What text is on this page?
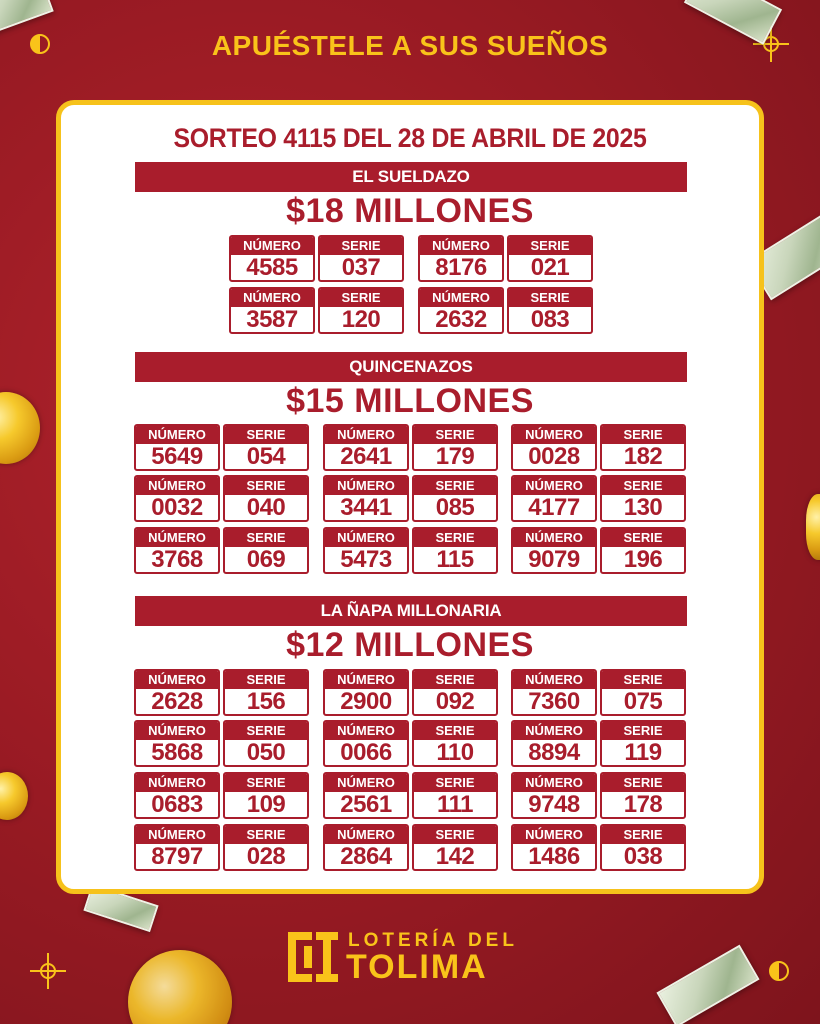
APUÉSTELE A SUS SUEÑOS
SORTEO 4115 DEL 28 DE ABRIL DE 2025
EL SUELDAZO
$18 MILLONES
NÚMERO
4585
SERIE
037
NÚMERO
8176
SERIE
021
NÚMERO
3587
SERIE
120
NÚMERO
2632
SERIE
083
QUINCENAZOS
$15 MILLONES
NÚMERO
5649
SERIE
054
NÚMERO
2641
SERIE
179
NÚMERO
0028
SERIE
182
NÚMERO
0032
SERIE
040
NÚMERO
3441
SERIE
085
NÚMERO
4177
SERIE
130
NÚMERO
3768
SERIE
069
NÚMERO
5473
SERIE
115
NÚMERO
9079
SERIE
196
LA ÑAPA MILLONARIA
$12 MILLONES
NÚMERO
2628
SERIE
156
NÚMERO
2900
SERIE
092
NÚMERO
7360
SERIE
075
NÚMERO
5868
SERIE
050
NÚMERO
0066
SERIE
110
NÚMERO
8894
SERIE
119
NÚMERO
0683
SERIE
109
NÚMERO
2561
SERIE
111
NÚMERO
9748
SERIE
178
NÚMERO
8797
SERIE
028
NÚMERO
2864
SERIE
142
NÚMERO
1486
SERIE
038
LOTERÍA DEL
TOLIMA
